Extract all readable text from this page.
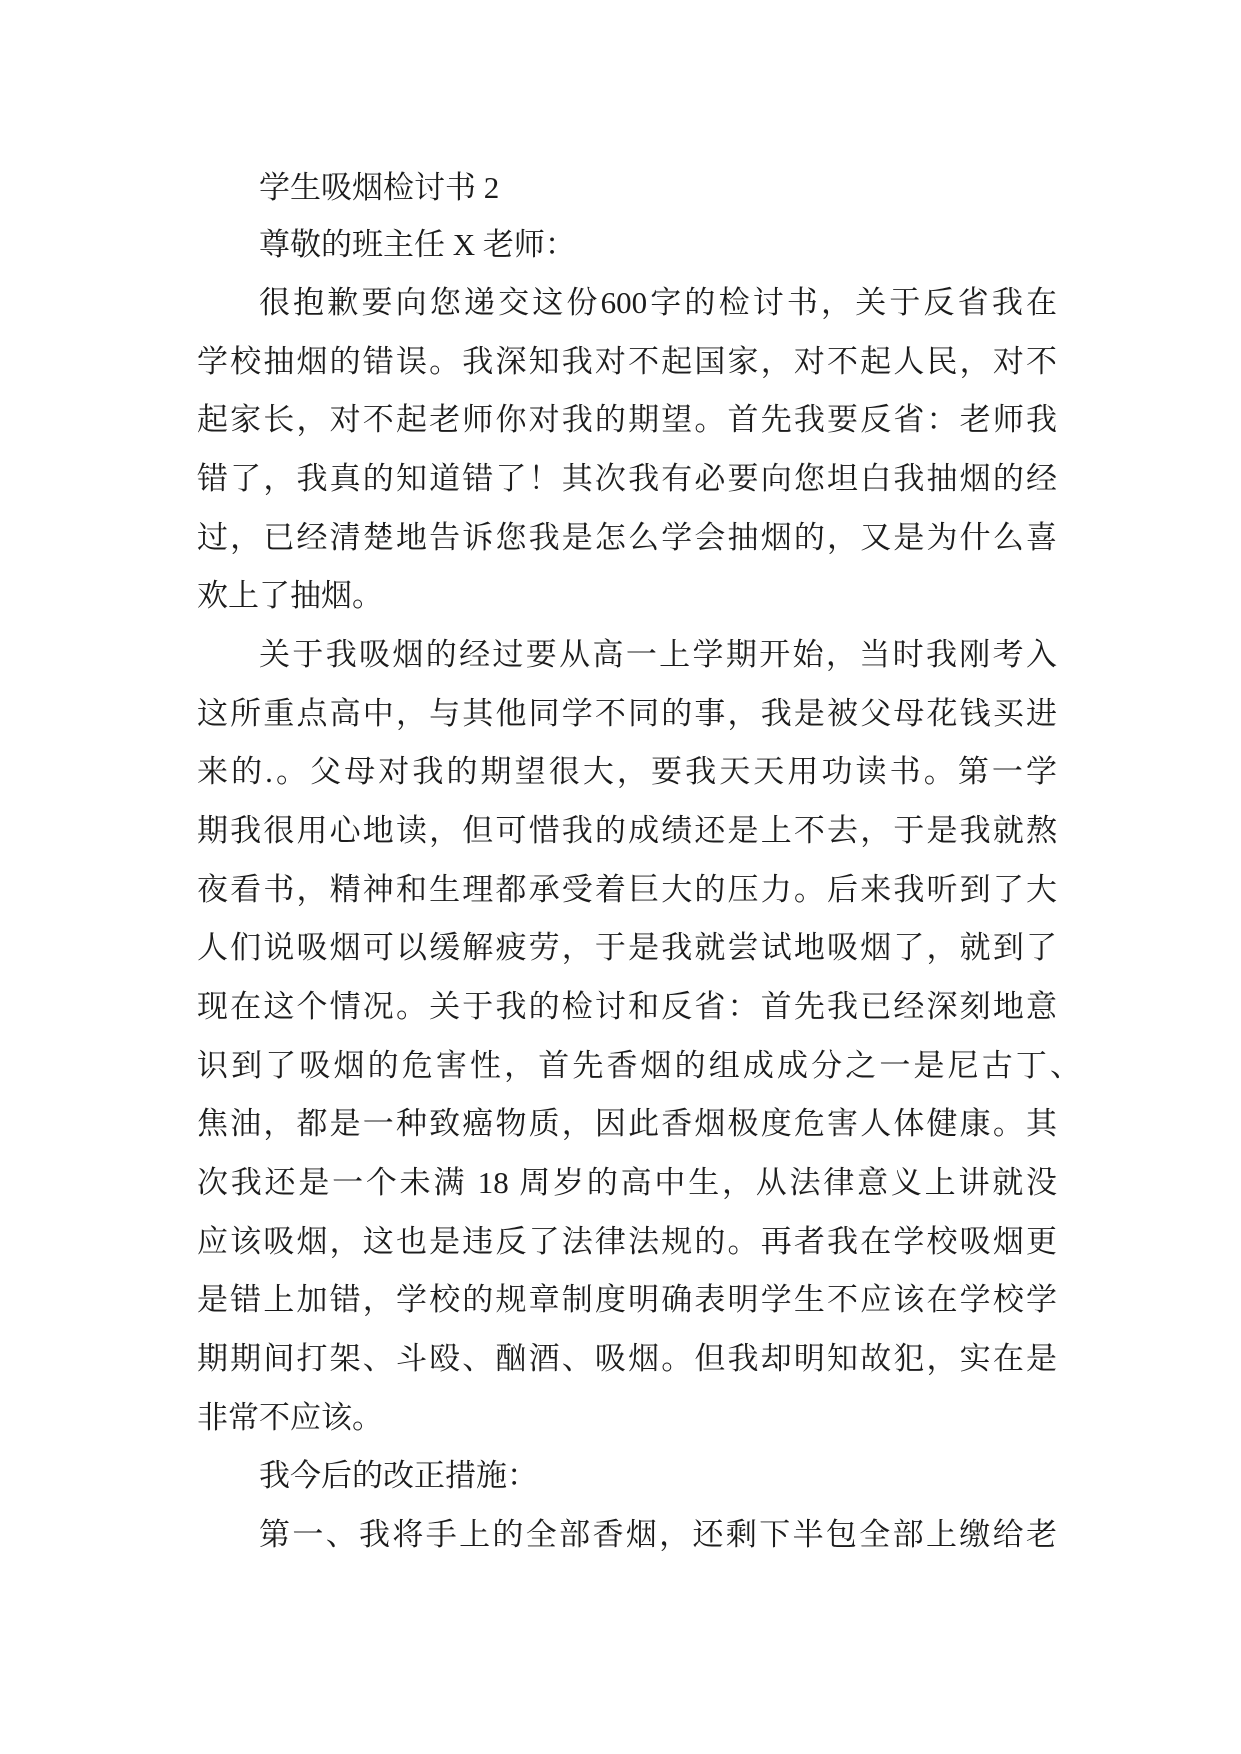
学生吸烟检讨书 2
尊敬的班主任 X 老师：
很抱歉要向您递交这份600字的检讨书，关于反省我在
学校抽烟的错误。我深知我对不起国家，对不起人民，对不
起家长，对不起老师你对我的期望。首先我要反省：老师我
错了，我真的知道错了！其次我有必要向您坦白我抽烟的经
过，已经清楚地告诉您我是怎么学会抽烟的，又是为什么喜
欢上了抽烟。
关于我吸烟的经过要从高一上学期开始，当时我刚考入
这所重点高中，与其他同学不同的事，我是被父母花钱买进
来的.。父母对我的期望很大，要我天天用功读书。第一学
期我很用心地读，但可惜我的成绩还是上不去，于是我就熬
夜看书，精神和生理都承受着巨大的压力。后来我听到了大
人们说吸烟可以缓解疲劳，于是我就尝试地吸烟了，就到了
现在这个情况。关于我的检讨和反省：首先我已经深刻地意
识到了吸烟的危害性，首先香烟的组成成分之一是尼古丁、
焦油，都是一种致癌物质，因此香烟极度危害人体健康。其
次我还是一个未满 18 周岁的高中生，从法律意义上讲就没
应该吸烟，这也是违反了法律法规的。再者我在学校吸烟更
是错上加错，学校的规章制度明确表明学生不应该在学校学
期期间打架、斗殴、酗酒、吸烟。但我却明知故犯，实在是
非常不应该。
我今后的改正措施：
第一、我将手上的全部香烟，还剩下半包全部上缴给老
